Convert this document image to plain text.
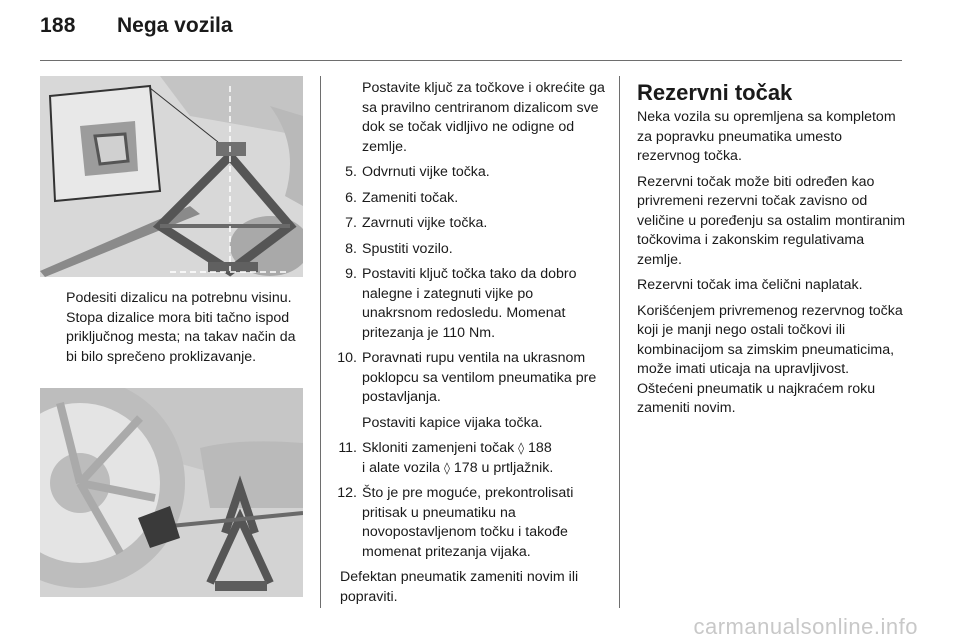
188 Nega vozila
Podesiti dizalicu na potrebnu visinu. Stopa dizalice mora biti tačno ispod priključnog mesta; na takav način da bi bilo sprečeno proklizavanje.
Postavite ključ za točkove i okrećite ga sa pravilno centriranom dizalicom sve dok se točak vidljivo ne odigne od zemlje.
5. Odvrnuti vijke točka.
6. Zameniti točak.
7. Zavrnuti vijke točka.
8. Spustiti vozilo.
9. Postaviti ključ točka tako da dobro nalegne i zategnuti vijke po unakrsnom redosledu. Momenat pritezanja je 110 Nm.
10. Poravnati rupu ventila na ukrasnom poklopcu sa ventilom pneumatika pre postavljanja.
Postaviti kapice vijaka točka.
11. Skloniti zamenjeni točak ◊ 188
i alate vozila ◊ 178 u prtljažnik.
12. Što je pre moguće, prekontrolisati pritisak u pneumatiku na novopostavljenom točku i takođe momenat pritezanja vijaka.
Defektan pneumatik zameniti novim ili popraviti.
Rezervni točak

Neka vozila su opremljena sa kompletom za popravku pneumatika umesto rezervnog točka.

Rezervni točak može biti određen kao privremeni rezervni točak zavisno od veličine u poređenju sa ostalim montiranim točkovima i zakonskim regulativama zemlje.

Rezervni točak ima čelični naplatak.

Korišćenjem privremenog rezervnog točka koji je manji nego ostali točkovi ili kombinacijom sa zimskim pneumaticima, može imati uticaja na upravljivost. Oštećeni pneumatik u najkraćem roku zameniti novim.

carmanualsonline.info
